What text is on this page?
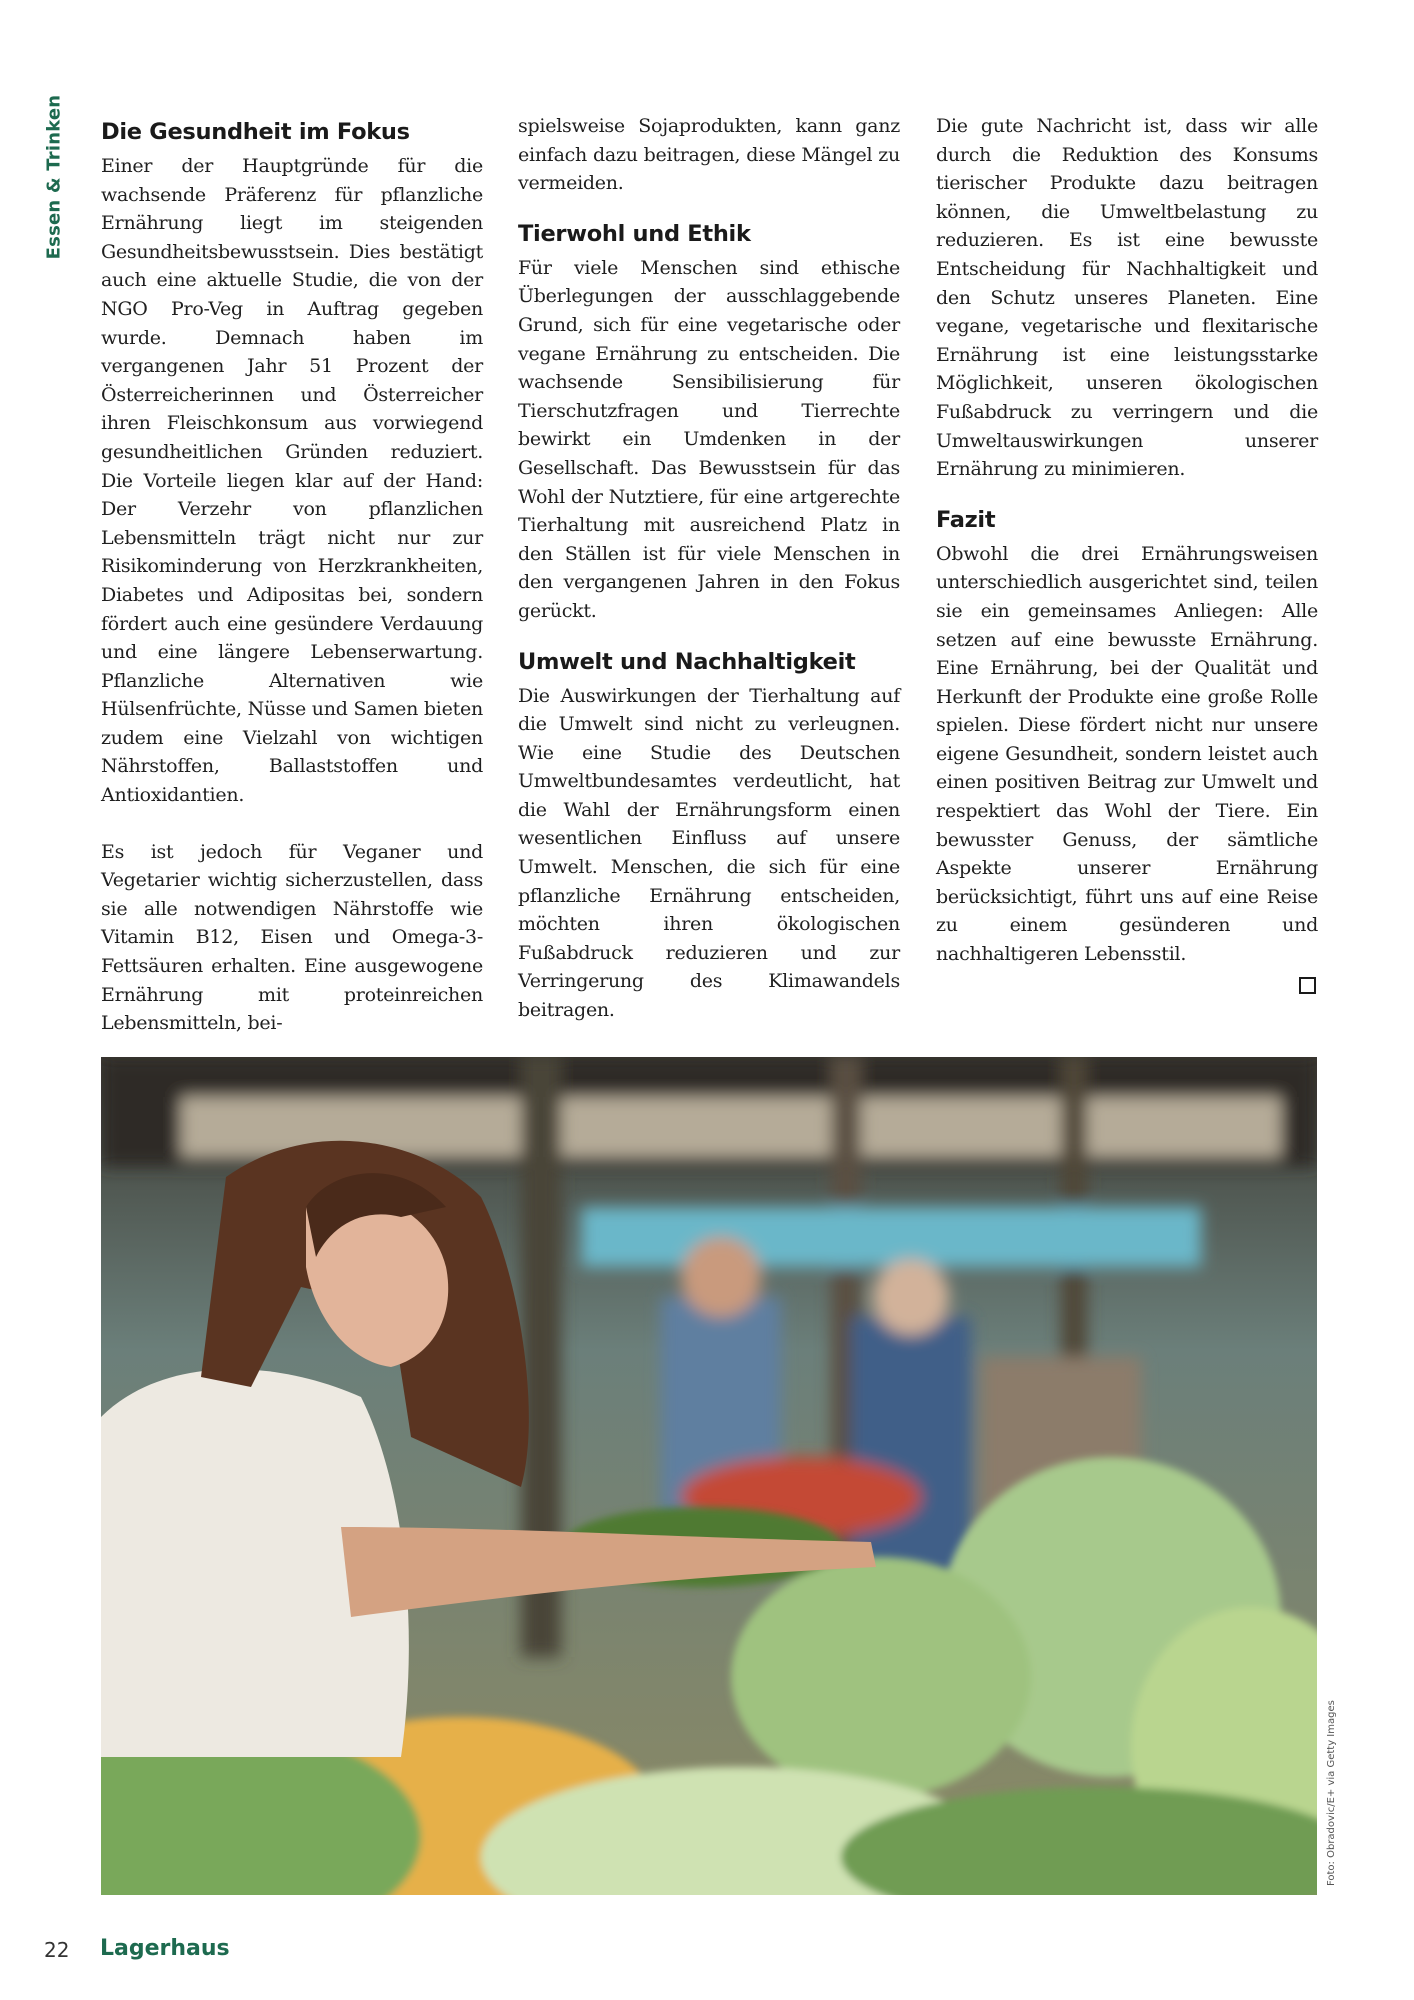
Essen & Trinken Die Gesundheit im Fokus

Einer der Hauptgründe für die wachsende Präferenz für pflanzliche Ernährung liegt im steigenden Gesundheitsbewusstsein. Dies bestätigt auch eine aktuelle Studie, die von der NGO Pro-Veg in Auftrag gegeben wurde. Demnach haben im vergangenen Jahr 51 Prozent der Österreicherinnen und Österreicher ihren Fleischkonsum aus vorwiegend gesundheitlichen Gründen reduziert. Die Vorteile liegen klar auf der Hand: Der Verzehr von pflanzlichen Lebensmitteln trägt nicht nur zur Risikominderung von Herzkrankheiten, Diabetes und Adipositas bei, sondern fördert auch eine gesündere Verdauung und eine längere Lebenserwartung. Pflanzliche Alternativen wie Hülsenfrüchte, Nüsse und Samen bieten zudem eine Vielzahl von wichtigen Nährstoffen, Ballaststoffen und Antioxidantien.

Es ist jedoch für Veganer und Vegetarier wichtig sicherzustellen, dass sie alle notwendigen Nährstoffe wie Vitamin B12, Eisen und Omega-3-Fettsäuren erhalten. Eine ausgewogene Ernährung mit proteinreichen Lebensmitteln, bei-

spielsweise Sojaprodukten, kann ganz einfach dazu beitragen, diese Mängel zu vermeiden.

Tierwohl und Ethik

Für viele Menschen sind ethische Überlegungen der ausschlaggebende Grund, sich für eine vegetarische oder vegane Ernährung zu entscheiden. Die wachsende Sensibilisierung für Tierschutzfragen und Tierrechte bewirkt ein Umdenken in der Gesellschaft. Das Bewusstsein für das Wohl der Nutztiere, für eine artgerechte Tierhaltung mit ausreichend Platz in den Ställen ist für viele Menschen in den vergangenen Jahren in den Fokus gerückt.

Umwelt und Nachhaltigkeit

Die Auswirkungen der Tierhaltung auf die Umwelt sind nicht zu verleugnen. Wie eine Studie des Deutschen Umweltbundesamtes verdeutlicht, hat die Wahl der Ernährungsform einen wesentlichen Einfluss auf unsere Umwelt. Menschen, die sich für eine pflanzliche Ernährung entscheiden, möchten ihren ökologischen Fußabdruck reduzieren und zur Verringerung des Klimawandels beitragen.

Die gute Nachricht ist, dass wir alle durch die Reduktion des Konsums tierischer Produkte dazu beitragen können, die Umweltbelastung zu reduzieren. Es ist eine bewusste Entscheidung für Nachhaltigkeit und den Schutz unseres Planeten. Eine vegane, vegetarische und flexitarische Ernährung ist eine leistungsstarke Möglichkeit, unseren ökologischen Fußabdruck zu verringern und die Umweltauswirkungen unserer Ernährung zu minimieren.

Fazit

Obwohl die drei Ernährungsweisen unterschiedlich ausgerichtet sind, teilen sie ein gemeinsames Anliegen: Alle setzen auf eine bewusste Ernährung. Eine Ernährung, bei der Qualität und Herkunft der Produkte eine große Rolle spielen. Diese fördert nicht nur unsere eigene Gesundheit, sondern leistet auch einen positiven Beitrag zur Umwelt und respektiert das Wohl der Tiere. Ein bewusster Genuss, der sämtliche Aspekte unserer Ernährung berücksichtigt, führt uns auf eine Reise zu einem gesünderen und nachhaltigeren Lebensstil.

Foto: Obradovic/E+ via Getty Images
22 Lagerhaus
